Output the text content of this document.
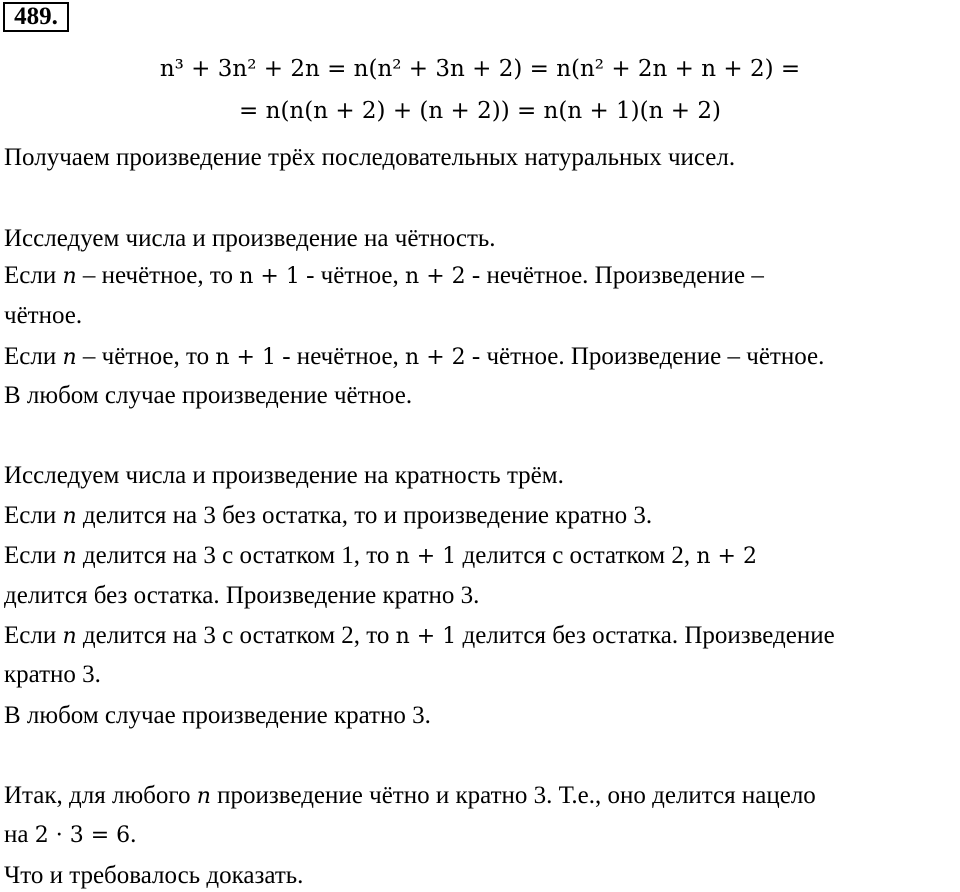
489.
n³ + 3n² + 2n = n(n² + 3n + 2) = n(n² + 2n + n + 2) =
= n(n(n + 2) + (n + 2)) = n(n + 1)(n + 2)
Получаем произведение трёх последовательных натуральных чисел.
Исследуем числа и произведение на чётность.
Если n – нечётное, то n + 1 - чётное, n + 2 - нечётное. Произведение –
чётное.
Если n – чётное, то n + 1 - нечётное, n + 2 - чётное. Произведение – чётное.
В любом случае произведение чётное.
Исследуем числа и произведение на кратность трём.
Если n делится на 3 без остатка, то и произведение кратно 3.
Если n делится на 3 с остатком 1, то n + 1 делится с остатком 2, n + 2
делится без остатка. Произведение кратно 3.
Если n делится на 3 с остатком 2, то n + 1 делится без остатка. Произведение
кратно 3.
В любом случае произведение кратно 3.
Итак, для любого n произведение чётно и кратно 3. Т.е., оно делится нацело
на 2 · 3 = 6.
Что и требовалось доказать.
